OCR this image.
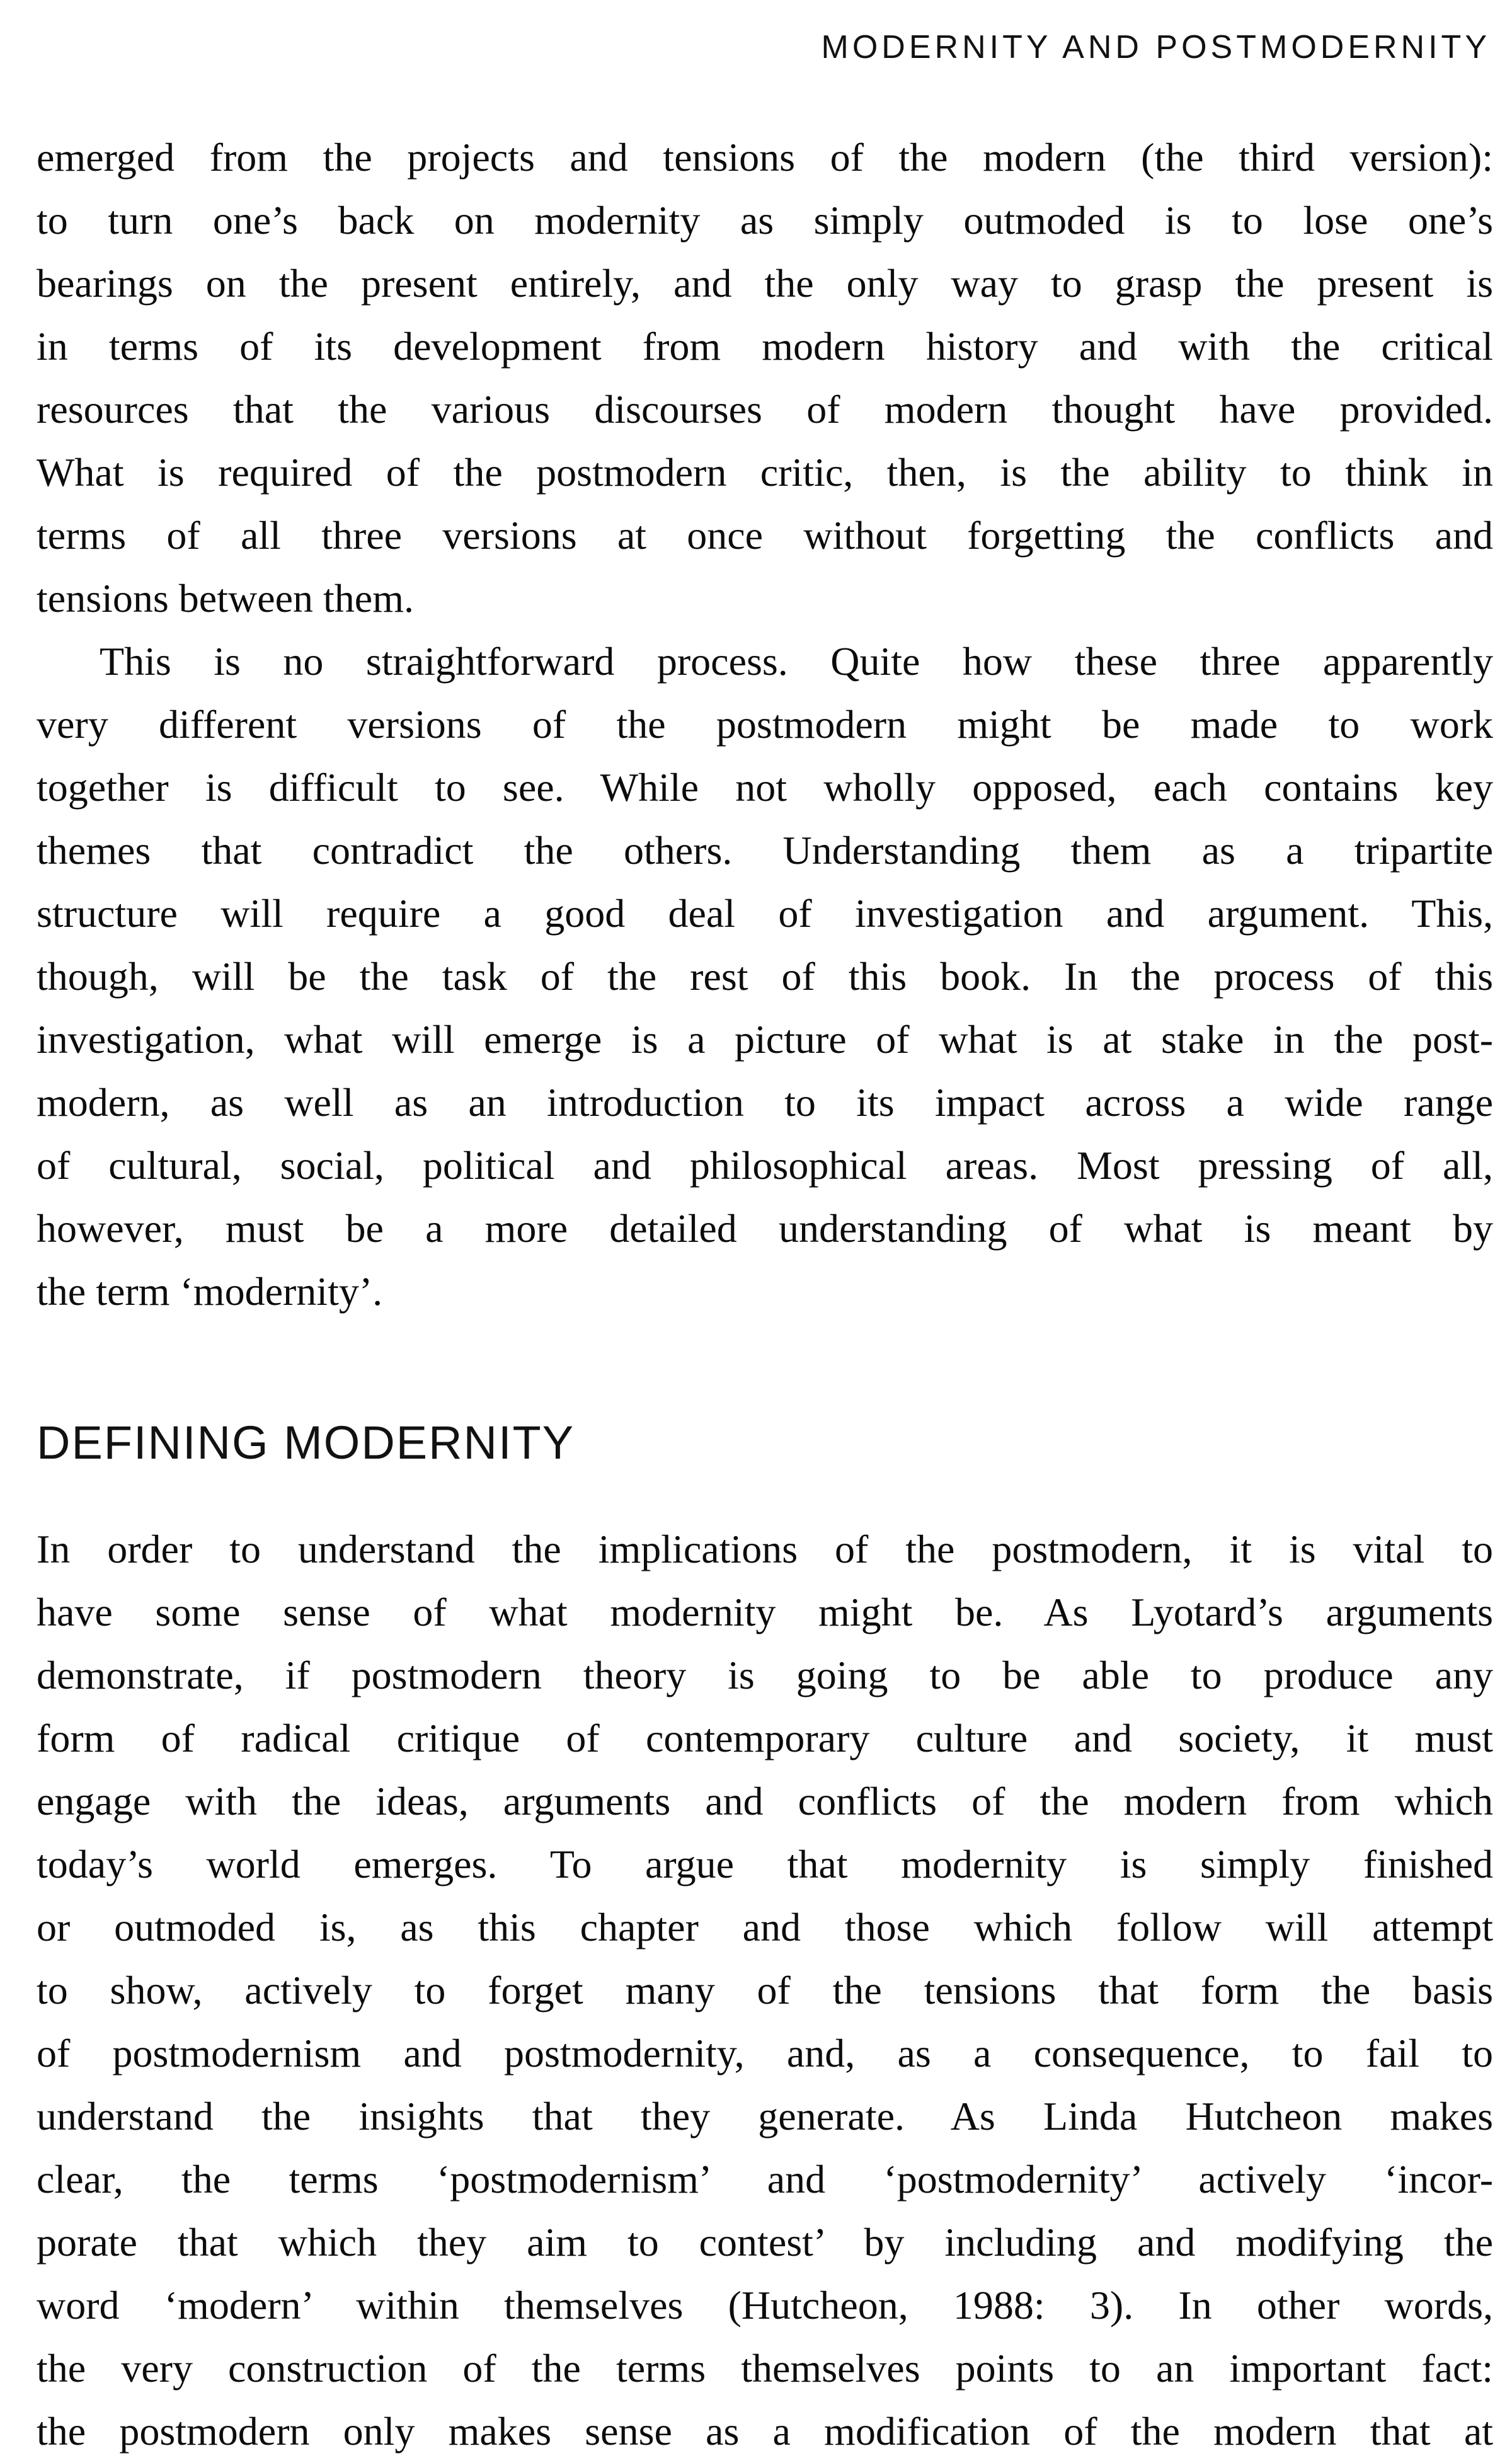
MODERNITY AND POSTMODERNITY
emerged from the projects and tensions of the modern (the third version):
to turn one’s back on modernity as simply outmoded is to lose one’s
bearings on the present entirely, and the only way to grasp the present is
in terms of its development from modern history and with the critical
resources that the various discourses of modern thought have provided.
What is required of the postmodern critic, then, is the ability to think in
terms of all three versions at once without forgetting the conflicts and
tensions between them.
This is no straightforward process. Quite how these three apparently
very different versions of the postmodern might be made to work
together is difficult to see. While not wholly opposed, each contains key
themes that contradict the others. Understanding them as a tripartite
structure will require a good deal of investigation and argument. This,
though, will be the task of the rest of this book. In the process of this
investigation, what will emerge is a picture of what is at stake in the post-
modern, as well as an introduction to its impact across a wide range
of cultural, social, political and philosophical areas. Most pressing of all,
however, must be a more detailed understanding of what is meant by
the term ‘modernity’.
DEFINING MODERNITY
In order to understand the implications of the postmodern, it is vital to
have some sense of what modernity might be. As Lyotard’s arguments
demonstrate, if postmodern theory is going to be able to produce any
form of radical critique of contemporary culture and society, it must
engage with the ideas, arguments and conflicts of the modern from which
today’s world emerges. To argue that modernity is simply finished
or outmoded is, as this chapter and those which follow will attempt
to show, actively to forget many of the tensions that form the basis
of postmodernism and postmodernity, and, as a consequence, to fail to
understand the insights that they generate. As Linda Hutcheon makes
clear, the terms ‘postmodernism’ and ‘postmodernity’ actively ‘incor-
porate that which they aim to contest’ by including and modifying the
word ‘modern’ within themselves (Hutcheon, 1988: 3). In other words,
the very construction of the terms themselves points to an important fact:
the postmodern only makes sense as a modification of the modern that at
